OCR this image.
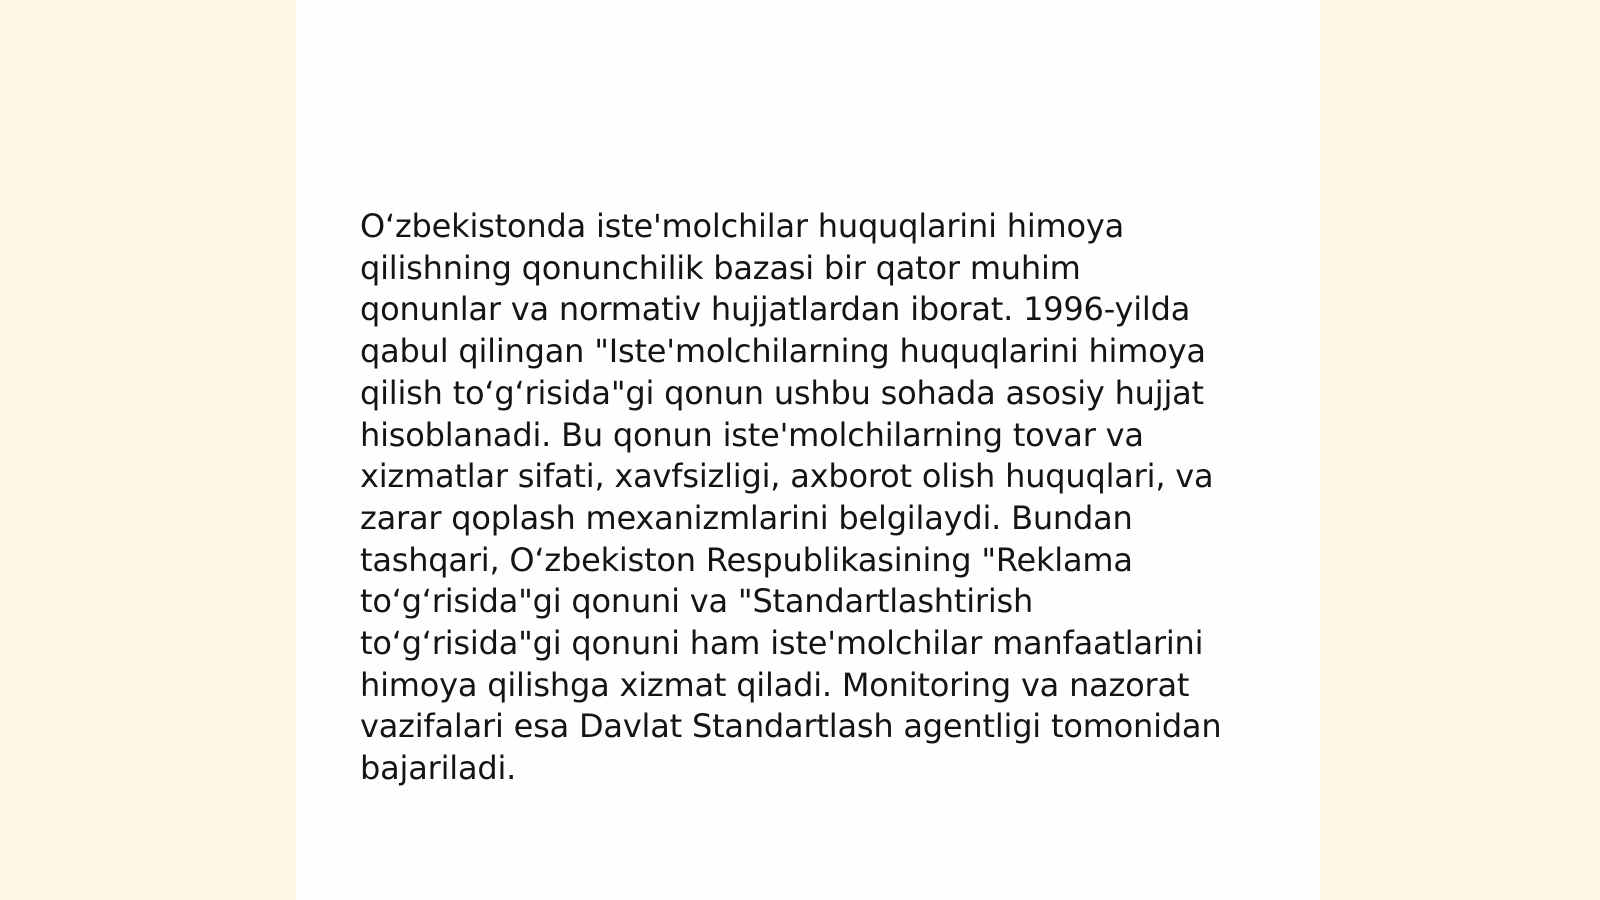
O‘zbekistonda iste'molchilar huquqlarini himoya
qilishning qonunchilik bazasi bir qator muhim
qonunlar va normativ hujjatlardan iborat. 1996-yilda
qabul qilingan "Iste'molchilarning huquqlarini himoya
qilish to‘g‘risida"gi qonun ushbu sohada asosiy hujjat
hisoblanadi. Bu qonun iste'molchilarning tovar va
xizmatlar sifati, xavfsizligi, axborot olish huquqlari, va
zarar qoplash mexanizmlarini belgilaydi. Bundan
tashqari, O‘zbekiston Respublikasining "Reklama
to‘g‘risida"gi qonuni va "Standartlashtirish
to‘g‘risida"gi qonuni ham iste'molchilar manfaatlarini
himoya qilishga xizmat qiladi. Monitoring va nazorat
vazifalari esa Davlat Standartlash agentligi tomonidan
bajariladi.
